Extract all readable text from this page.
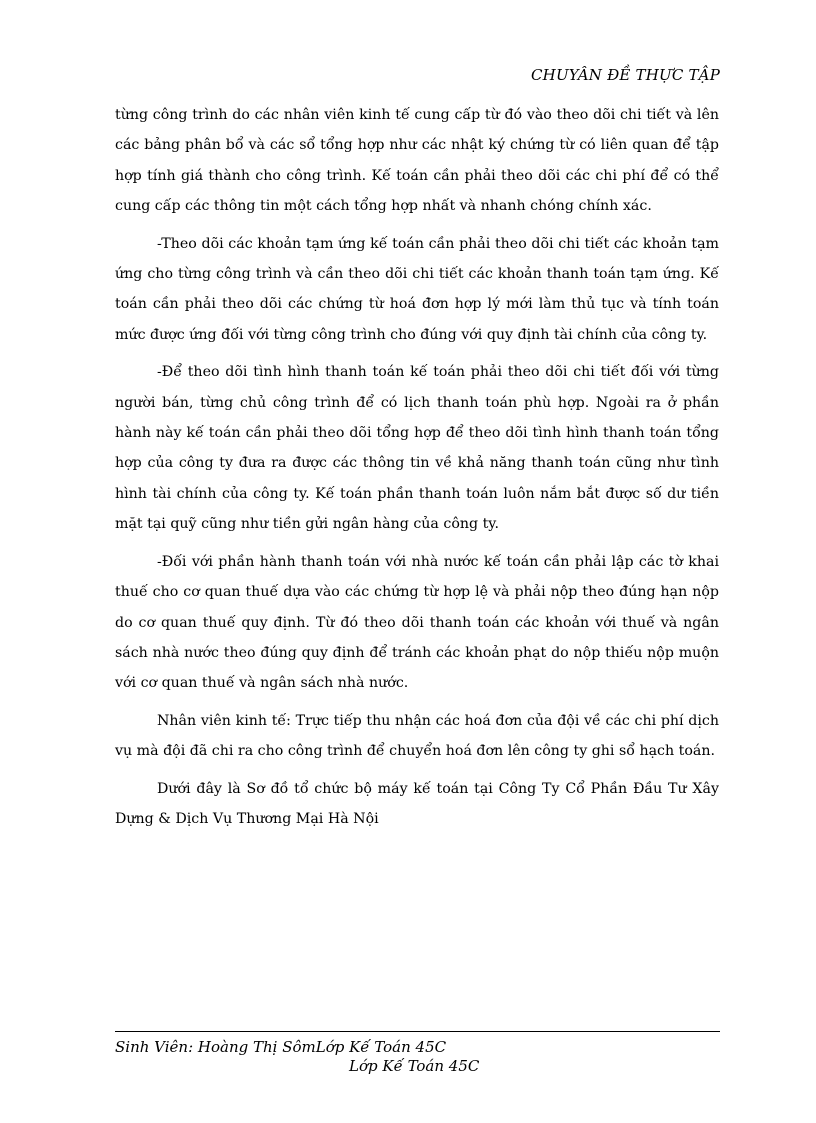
CHUYÂN ĐỀ THỰC TẬP

từng công trình do các nhân viên kinh tế cung cấp từ đó vào theo dõi chi tiết và lên các bảng phân bổ và các sổ tổng hợp như các nhật ký chứng từ có liên quan để tập hợp tính giá thành cho công trình. Kế toán cần phải theo dõi các chi phí để có thể cung cấp các thông tin một cách tổng hợp nhất và nhanh chóng chính xác.

-Theo dõi các khoản tạm ứng kế toán cần phải theo dõi chi tiết các khoản tạm ứng cho từng công trình và cần theo dõi chi tiết các khoản thanh toán tạm ứng. Kế toán cần phải theo dõi các chứng từ hoá đơn hợp lý mới làm thủ tục và tính toán mức được ứng đối với từng công trình cho đúng với quy định tài chính của công ty.

-Để theo dõi tình hình thanh toán kế toán phải theo dõi chi tiết đối với từng người bán, từng chủ công trình để có lịch thanh toán phù hợp. Ngoài ra ở phần hành này kế toán cần phải theo dõi tổng hợp để theo dõi tình hình thanh toán tổng hợp của công ty đưa ra được các thông tin về khả năng thanh toán cũng như tình hình tài chính của công ty. Kế toán phần thanh toán luôn nắm bắt được số dư tiền mặt tại quỹ cũng như tiền gửi ngân hàng của công ty.

-Đối với phần hành thanh toán với nhà nước kế toán cần phải lập các tờ khai thuế cho cơ quan thuế dựa vào các chứng từ hợp lệ và phải nộp theo đúng hạn nộp do cơ quan thuế quy định. Từ đó theo dõi thanh toán các khoản với thuế và ngân sách nhà nước theo đúng quy định để tránh các khoản phạt do nộp thiếu nộp muộn với cơ quan thuế và ngân sách nhà nước.

Nhân viên kinh tế: Trực tiếp thu nhận các hoá đơn của đội về các chi phí dịch vụ mà đội đã chi ra cho công trình để chuyển hoá đơn lên công ty ghi sổ hạch toán.

Dưới đây là Sơ đồ tổ chức bộ máy kế toán tại Công Ty Cổ Phần Đầu Tư Xây Dựng & Dịch Vụ Thương Mại Hà Nội

Sinh Viên: Hoàng Thị SômLớp Kế Toán 45C
Lớp Kế Toán 45C
